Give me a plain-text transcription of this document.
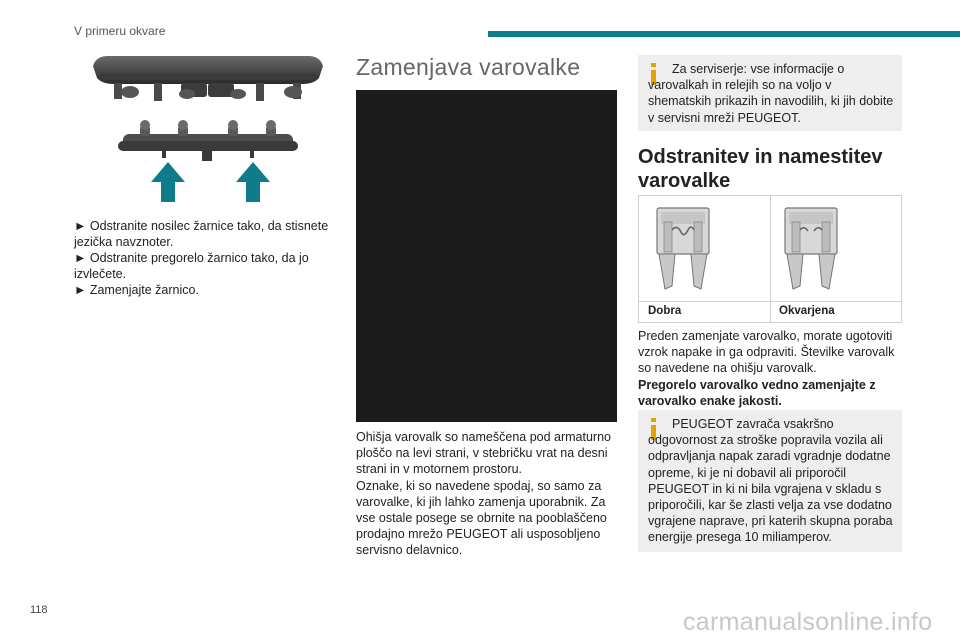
V primeru okvare

► Odstranite nosilec žarnice tako, da stisnete jezička navznoter.

► Odstranite pregorelo žarnico tako, da jo izvlečete.

► Zamenjajte žarnico.

Zamenjava varovalke

Ohišja varovalk so nameščena pod armaturno ploščo na levi strani, v stebričku vrat na desni strani in v motornem prostoru.

Oznake, ki so navedene spodaj, so samo za varovalke, ki jih lahko zamenja uporabnik. Za vse ostale posege se obrnite na pooblaščeno prodajno mrežo PEUGEOT ali usposobljeno servisno delavnico.

Za serviserje: vse informacije o varovalkah in relejih so na voljo v shematskih prikazih in navodilih, ki jih dobite v servisni mreži PEUGEOT.
Odstranitev in namestitev varovalke
Dobra	Okvarjena

Preden zamenjate varovalko, morate ugotoviti vzrok napake in ga odpraviti. Številke varovalk so navedene na ohišju varovalk.

Pregorelo varovalko vedno zamenjajte z varovalko enake jakosti.

PEUGEOT zavrača vsakršno odgovornost za stroške popravila vozila ali odpravljanja napak zaradi vgradnje dodatne opreme, ki je ni dobavil ali priporočil PEUGEOT in ki ni bila vgrajena v skladu s priporočili, kar še zlasti velja za vse dodatno vgrajene naprave, pri katerih skupna poraba energije presega 10 miliamperov.
118	carmanualsonline.info
